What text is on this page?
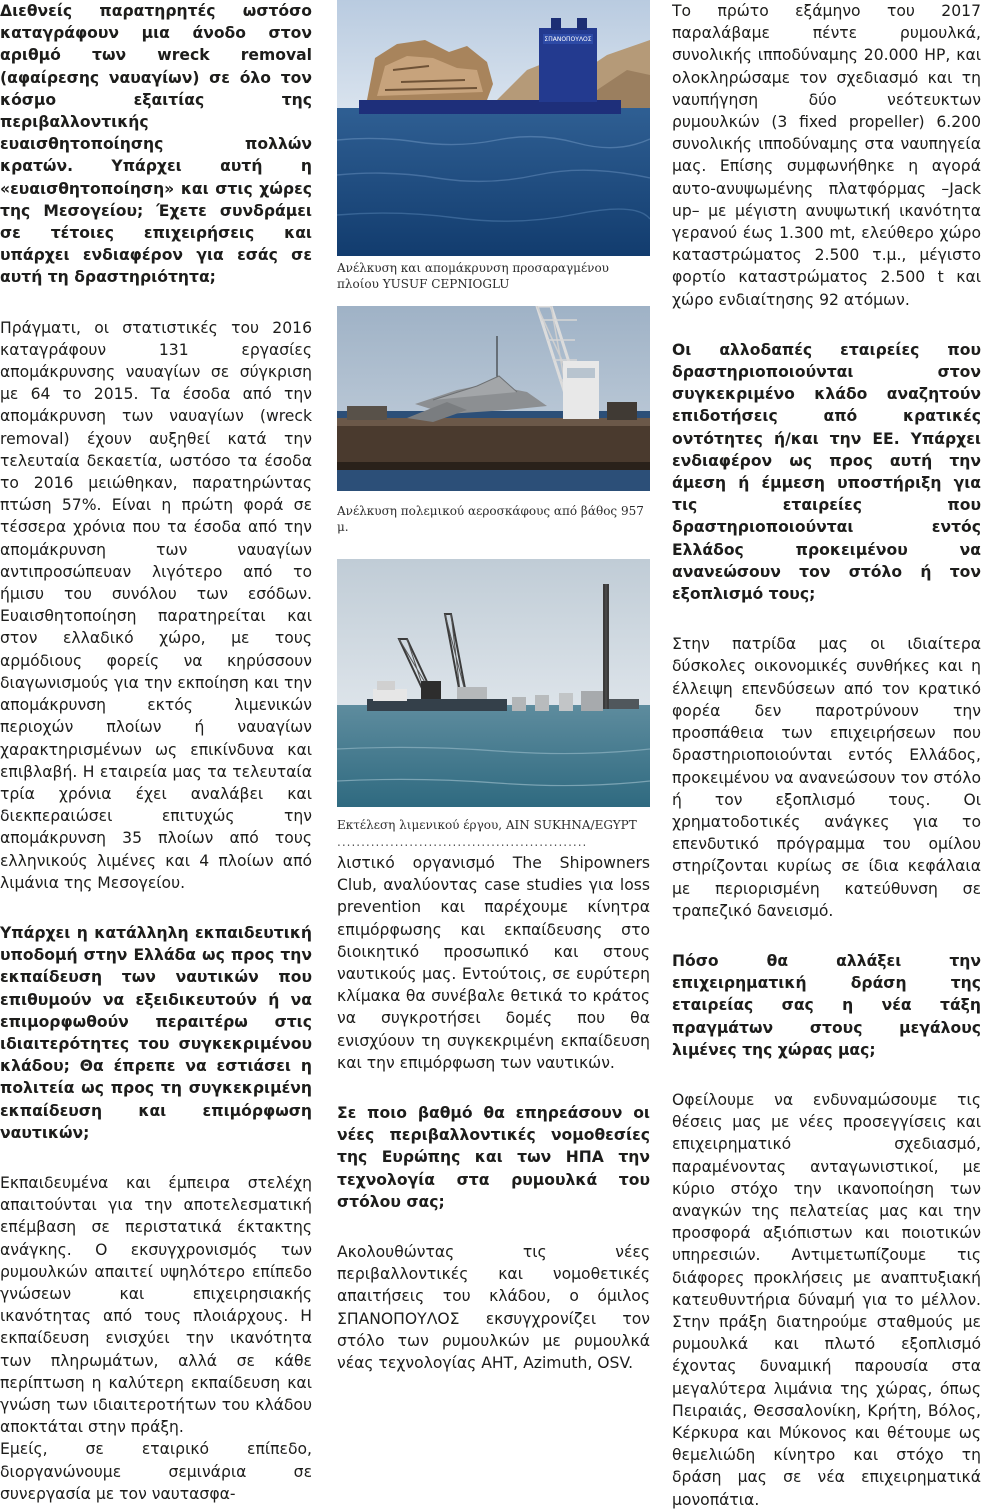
Διεθνείς παρατηρητές ωστόσο καταγράφουν μια άνοδο στον αριθμό των wreck removal (αφαίρεσης ναυαγίων) σε όλο τον κόσμο εξαιτίας της περιβαλλοντικής ευαισθητοποίησης πολλών κρατών. Υπάρχει αυτή η «ευαισθητοποίηση» και στις χώρες της Μεσογείου; Έχετε συνδράμει σε τέτοιες επιχειρήσεις και υπάρχει ενδιαφέρον για εσάς σε αυτή τη δραστηριότητα;

Πράγματι, οι στατιστικές του 2016 καταγράφουν 131 εργασίες απομάκρυνσης ναυαγίων σε σύγκριση με 64 το 2015. Τα έσοδα από την απομάκρυνση των ναυαγίων (wreck removal) έχουν αυξηθεί κατά την τελευταία δεκαετία, ωστόσο τα έσοδα το 2016 μειώθηκαν, παρατηρώντας πτώση 57%. Είναι η πρώτη φορά σε τέσσερα χρόνια που τα έσοδα από την απομάκρυνση των ναυαγίων αντιπροσώπευαν λιγότερο από το ήμισυ του συνόλου των εσόδων. Ευαισθητοποίηση παρατηρείται και στον ελλαδικό χώρο, με τους αρμόδιους φορείς να κηρύσσουν διαγωνισμούς για την εκποίηση και την απομάκρυνση εκτός λιμενικών περιοχών πλοίων ή ναυαγίων χαρακτηρισμένων ως επικίνδυνα και επιβλαβή. Η εταιρεία μας τα τελευταία τρία χρόνια έχει αναλάβει και διεκπεραιώσει επιτυχώς την απομάκρυνση 35 πλοίων από τους ελληνικούς λιμένες και 4 πλοίων από λιμάνια της Μεσογείου.

Υπάρχει η κατάλληλη εκπαιδευτική υποδομή στην Ελλάδα ως προς την εκπαίδευση των ναυτικών που επιθυμούν να εξειδικευτούν ή να επιμορφωθούν περαιτέρω στις ιδιαιτερότητες του συγκεκριμένου κλάδου; Θα έπρεπε να εστιάσει η πολιτεία ως προς τη συγκεκριμένη εκπαίδευση και επιμόρφωση ναυτικών;

Εκπαιδευμένα και έμπειρα στελέχη απαιτούνται για την αποτελεσματική επέμβαση σε περιστατικά έκτακτης ανάγκης. Ο εκσυγχρονισμός των ρυμουλκών απαιτεί υψηλότερο επίπεδο γνώσεων και επιχειρησιακής ικανότητας από τους πλοιάρχους. Η εκπαίδευση ενισχύει την ικανότητα των πληρωμάτων, αλλά σε κάθε περίπτωση η καλύτερη εκπαίδευση και γνώση των ιδιαιτεροτήτων του κλάδου αποκτάται στην πράξη.

Εμείς, σε εταιρικό επίπεδο, διοργανώνουμε σεμινάρια σε συνεργασία με τον ναυτασφα-

ΣΠΑΝΟΠΟΥΛΟΣ

Ανέλκυση και απομάκρυνση προσαραγμένου πλοίου YUSUF CEPNIOGLU

Ανέλκυση πολεμικού αεροσκάφους από βάθος 957 μ.

Εκτέλεση λιμενικού έργου, AIN SUKHNA/EGYPT

....................................................

λιστικό οργανισμό The Shipowners Club, αναλύοντας case studies για loss prevention και παρέχουμε κίνητρα επιμόρφωσης και εκπαίδευσης στο διοικητικό προσωπικό και στους ναυτικούς μας. Εντούτοις, σε ευρύτερη κλίμακα θα συνέβαλε θετικά το κράτος να συγκροτήσει δομές που θα ενισχύουν τη συγκεκριμένη εκπαίδευση και την επιμόρφωση των ναυτικών.

Σε ποιο βαθμό θα επηρεάσουν οι νέες περιβαλλοντικές νομοθεσίες της Ευρώπης και των ΗΠΑ την τεχνολογία στα ρυμουλκά του στόλου σας;

Ακολουθώντας τις νέες περιβαλλοντικές και νομοθετικές απαιτήσεις του κλάδου, ο όμιλος ΣΠΑΝΟΠΟΥΛΟΣ εκσυγχρονίζει τον στόλο των ρυμουλκών με ρυμουλκά νέας τεχνολογίας AHT, Azimuth, OSV.

Το πρώτο εξάμηνο του 2017 παραλάβαμε πέντε ρυμουλκά, συνολικής ιπποδύναμης 20.000 HP, και ολοκληρώσαμε τον σχεδιασμό και τη ναυπήγηση δύο νεότευκτων ρυμουλκών (3 fixed propeller) 6.200 συνολικής ιπποδύναμης στα ναυπηγεία μας. Επίσης συμφωνήθηκε η αγορά αυτο-ανυψωμένης πλατφόρμας –Jack up– με μέγιστη ανυψωτική ικανότητα γερανού έως 1.300 mt, ελεύθερο χώρο καταστρώματος 2.500 τ.μ., μέγιστο φορτίο καταστρώματος 2.500 t και χώρο ενδιαίτησης 92 ατόμων.

Οι αλλοδαπές εταιρείες που δραστηριοποιούνται στον συγκεκριμένο κλάδο αναζητούν επιδοτήσεις από κρατικές οντότητες ή/και την ΕΕ. Υπάρχει ενδιαφέρον ως προς αυτή την άμεση ή έμμεση υποστήριξη για τις εταιρείες που δραστηριοποιούνται εντός Ελλάδος προκειμένου να ανανεώσουν τον στόλο ή τον εξοπλισμό τους;

Στην πατρίδα μας οι ιδιαίτερα δύσκολες οικονομικές συνθήκες και η έλλειψη επενδύσεων από τον κρατικό φορέα δεν παροτρύνουν την προσπάθεια των επιχειρήσεων που δραστηριοποιούνται εντός Ελλάδος, προκειμένου να ανανεώσουν τον στόλο ή τον εξοπλισμό τους. Οι χρηματοδοτικές ανάγκες για το επενδυτικό πρόγραμμα του ομίλου στηρίζονται κυρίως σε ίδια κεφάλαια με περιορισμένη κατεύθυνση σε τραπεζικό δανεισμό.

Πόσο θα αλλάξει την επιχειρηματική δράση της εταιρείας σας η νέα τάξη πραγμάτων στους μεγάλους λιμένες της χώρας μας;

Οφείλουμε να ενδυναμώσουμε τις θέσεις μας με νέες προσεγγίσεις και επιχειρηματικό σχεδιασμό, παραμένοντας ανταγωνιστικοί, με κύριο στόχο την ικανοποίηση των αναγκών της πελατείας μας και την προσφορά αξιόπιστων και ποιοτικών υπηρεσιών. Αντιμετωπίζουμε τις διάφορες προκλήσεις με αναπτυξιακή κατευθυντήρια δύναμή για το μέλλον. Στην πράξη διατηρούμε σταθμούς με ρυμουλκά και πλωτό εξοπλισμό έχοντας δυναμική παρουσία στα μεγαλύτερα λιμάνια της χώρας, όπως Πειραιάς, Θεσσαλονίκη, Κρήτη, Βόλος, Κέρκυρα και Μύκονος και θέτουμε ως θεμελιώδη κίνητρο και στόχο τη δράση μας σε νέα επιχειρηματικά μονοπάτια.
